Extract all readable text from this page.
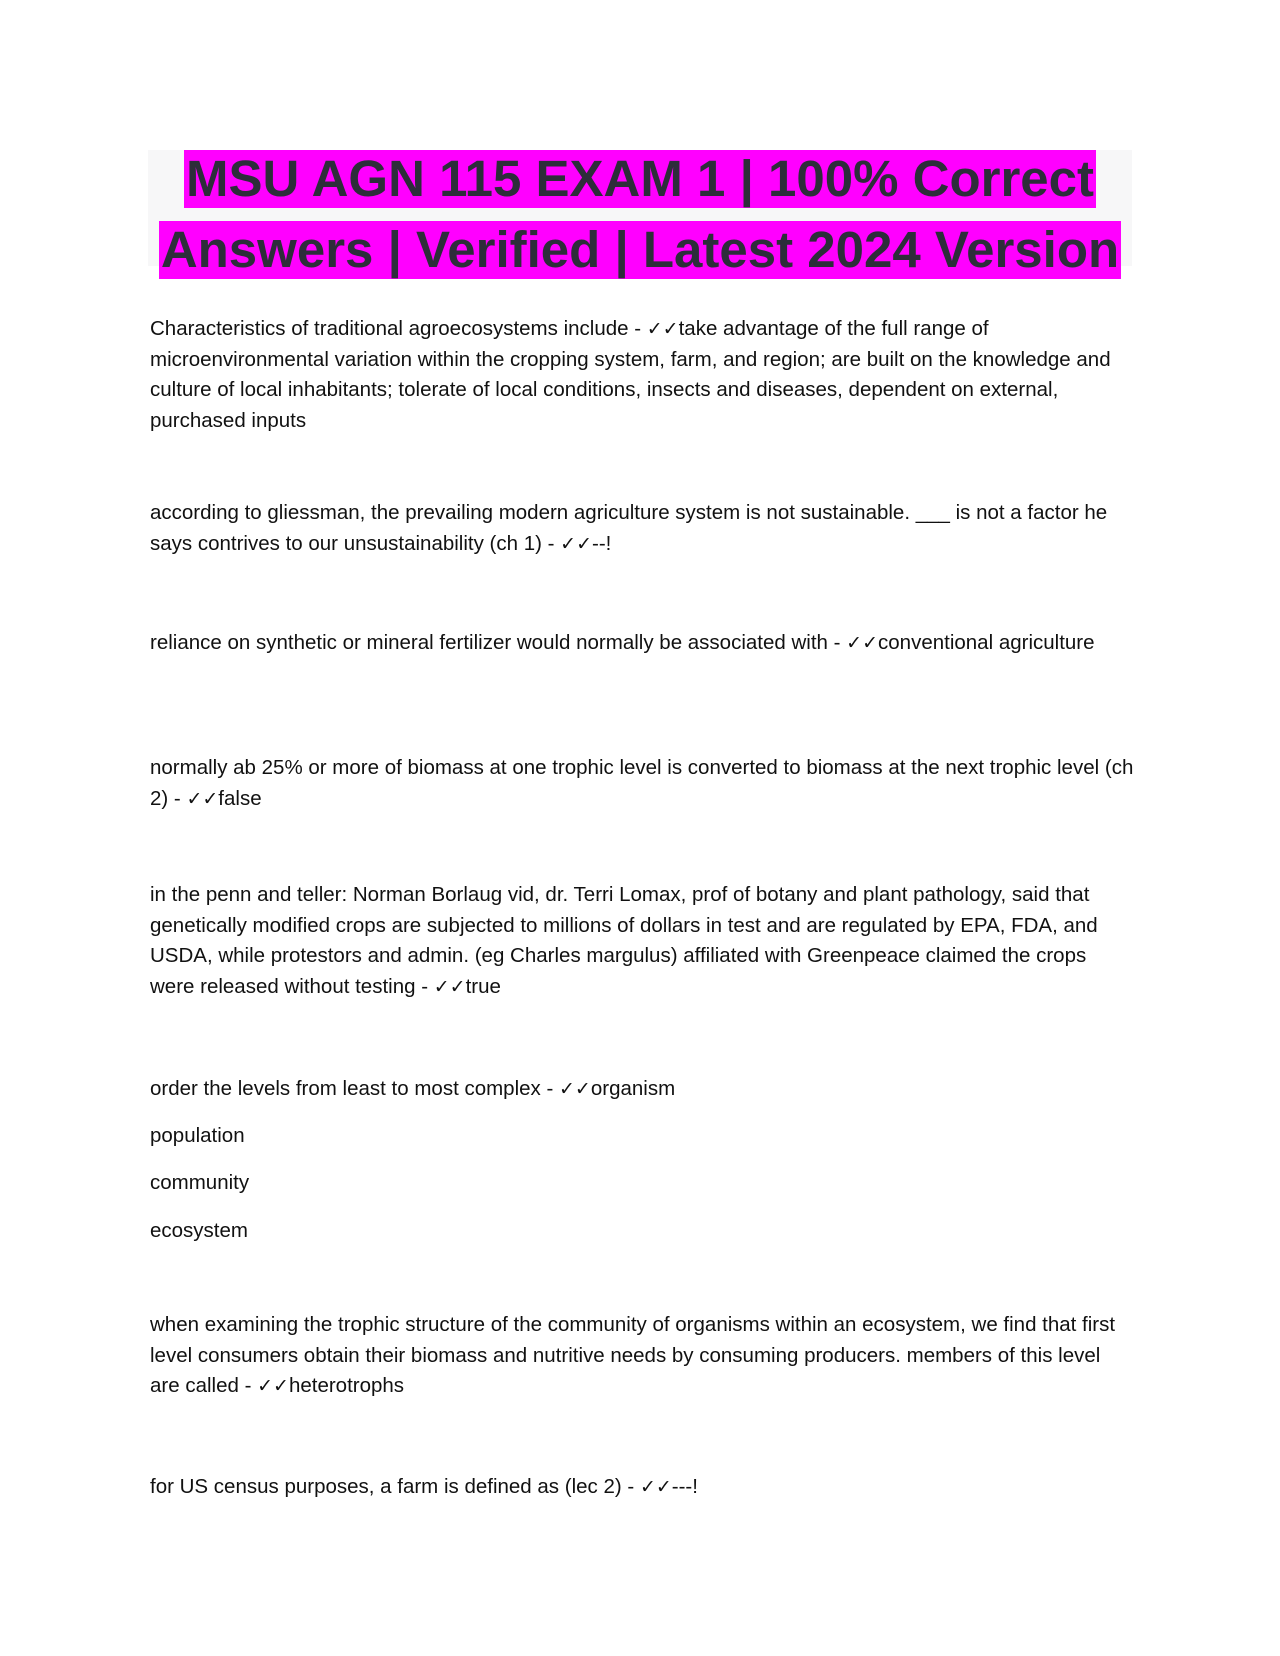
MSU AGN 115 EXAM 1 | 100% Correct
Answers | Verified | Latest 2024 Version

Characteristics of traditional agroecosystems include - ✓✓take advantage of the full range of microenvironmental variation within the cropping system, farm, and region; are built on the knowledge and culture of local inhabitants; tolerate of local conditions, insects and diseases, dependent on external, purchased inputs

according to gliessman, the prevailing modern agriculture system is not sustainable. ___ is not a factor he says contrives to our unsustainability (ch 1) - ✓✓--!

reliance on synthetic or mineral fertilizer would normally be associated with - ✓✓conventional agriculture

normally ab 25% or more of biomass at one trophic level is converted to biomass at the next trophic level (ch 2) - ✓✓false

in the penn and teller: Norman Borlaug vid, dr. Terri Lomax, prof of botany and plant pathology, said that genetically modified crops are subjected to millions of dollars in test and are regulated by EPA, FDA, and USDA, while protestors and admin. (eg Charles margulus) affiliated with Greenpeace claimed the crops were released without testing - ✓✓true

order the levels from least to most complex - ✓✓organism

population

community

ecosystem

when examining the trophic structure of the community of organisms within an ecosystem, we find that first level consumers obtain their biomass and nutritive needs by consuming producers. members of this level are called - ✓✓heterotrophs

for US census purposes, a farm is defined as (lec 2) - ✓✓---!
